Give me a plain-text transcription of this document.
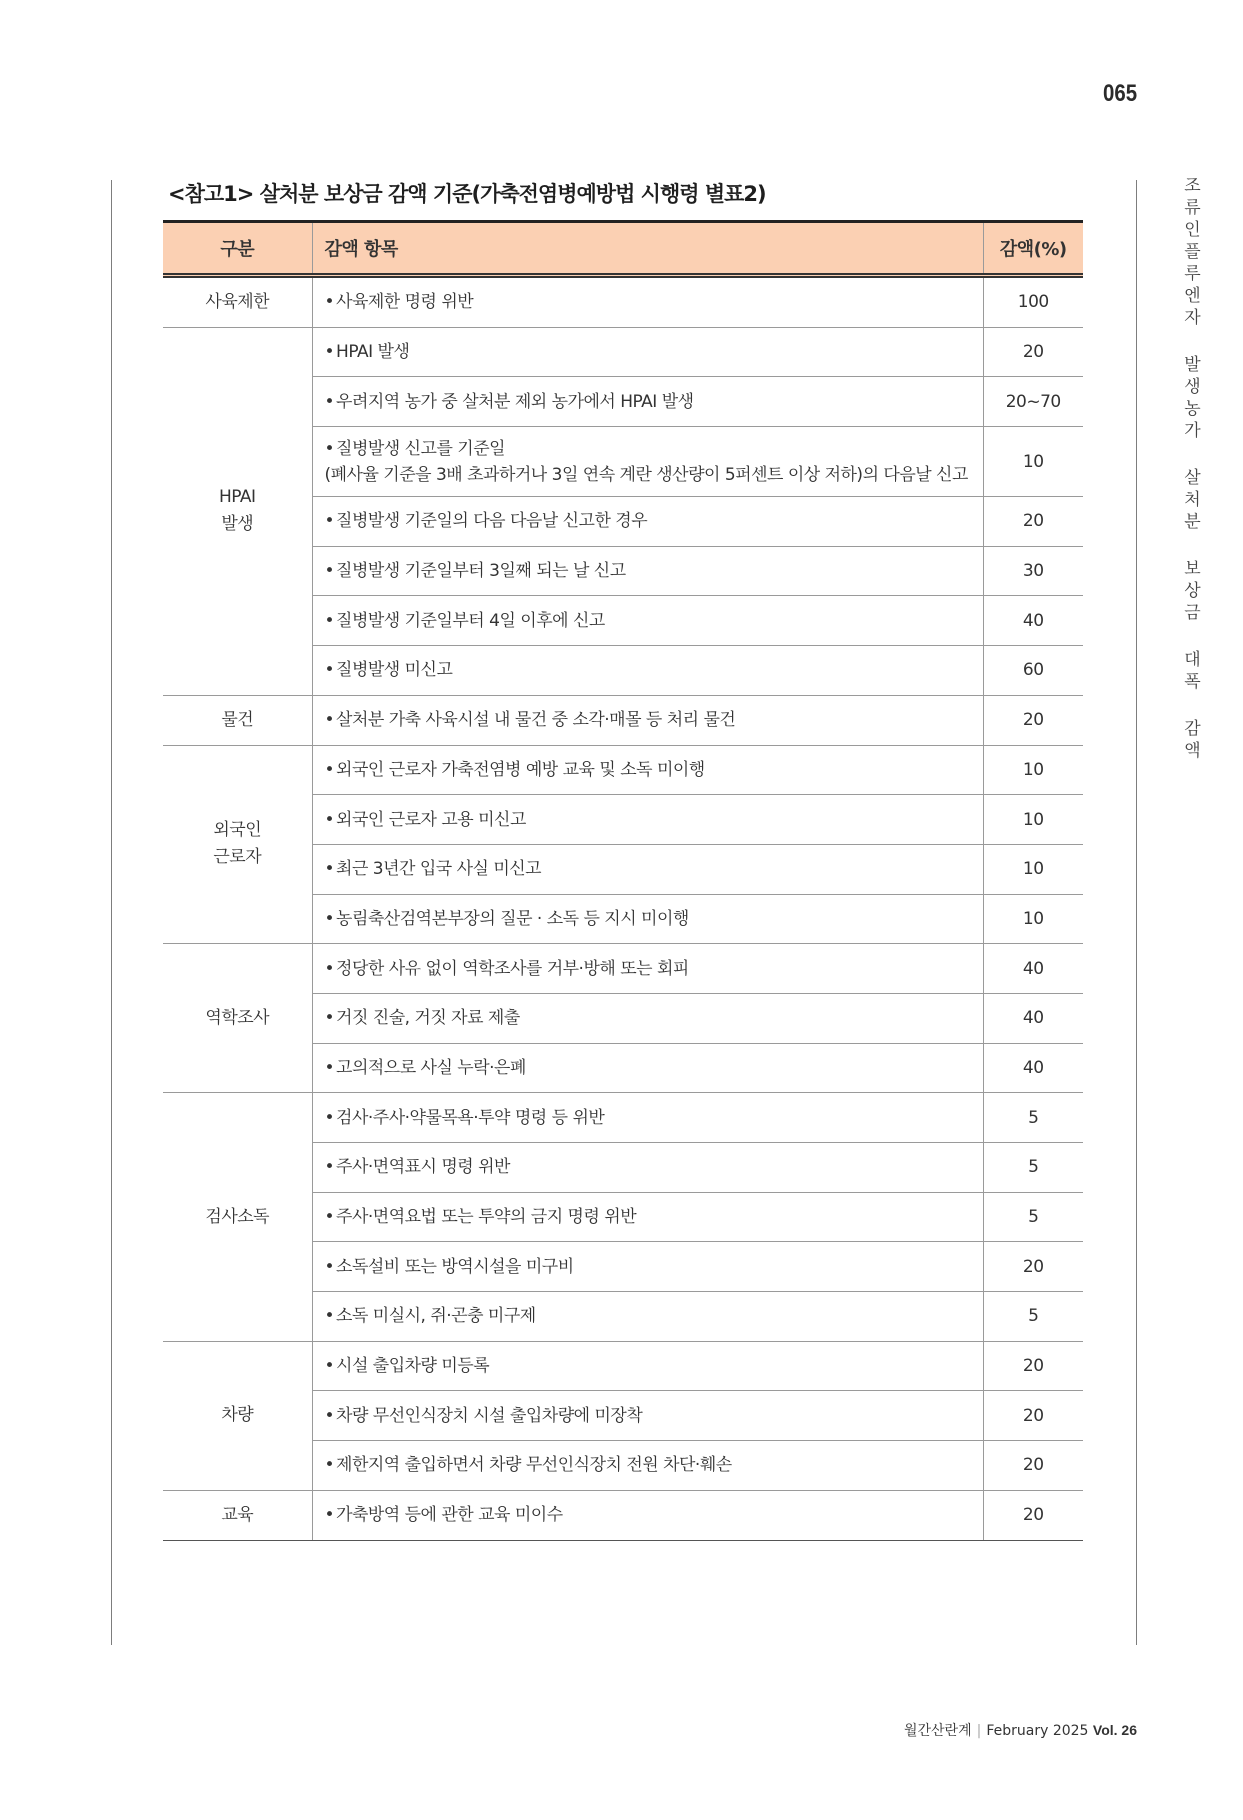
065
조류인플루엔자 발생농가 살처분 보상금 대폭 감액
<참고1> 살처분 보상금 감액 기준(가축전염병예방법 시행령 별표2)
구분	감액 항목	감액(%)
사육제한	• 사육제한 명령 위반	100
HPAI
발생	• HPAI 발생	20
	• 우려지역 농가 중 살처분 제외 농가에서 HPAI 발생	20~70
	• 질병발생 신고를 기준일
(폐사율 기준을 3배 초과하거나 3일 연속 계란 생산량이 5퍼센트 이상 저하)의 다음날 신고	10
	• 질병발생 기준일의 다음 다음날 신고한 경우	20
	• 질병발생 기준일부터 3일째 되는 날 신고	30
	• 질병발생 기준일부터 4일 이후에 신고	40
	• 질병발생 미신고	60
물건	• 살처분 가축 사육시설 내 물건 중 소각·매몰 등 처리 물건	20
외국인
근로자	• 외국인 근로자 가축전염병 예방 교육 및 소독 미이행	10
	• 외국인 근로자 고용 미신고	10
	• 최근 3년간 입국 사실 미신고	10
	• 농림축산검역본부장의 질문 · 소독 등 지시 미이행	10
역학조사	• 정당한 사유 없이 역학조사를 거부·방해 또는 회피	40
	• 거짓 진술, 거짓 자료 제출	40
	• 고의적으로 사실 누락·은폐	40
검사소독	• 검사·주사·약물목욕·투약 명령 등 위반	5
	• 주사·면역표시 명령 위반	5
	• 주사·면역요법 또는 투약의 금지 명령 위반	5
	• 소독설비 또는 방역시설을 미구비	20
	• 소독 미실시, 쥐·곤충 미구제	5
차량	• 시설 출입차량 미등록	20
	• 차량 무선인식장치 시설 출입차량에 미장착	20
	• 제한지역 출입하면서 차량 무선인식장치 전원 차단·훼손	20
교육	• 가축방역 등에 관한 교육 미이수	20
월간산란계 | February 2025 Vol. 26
